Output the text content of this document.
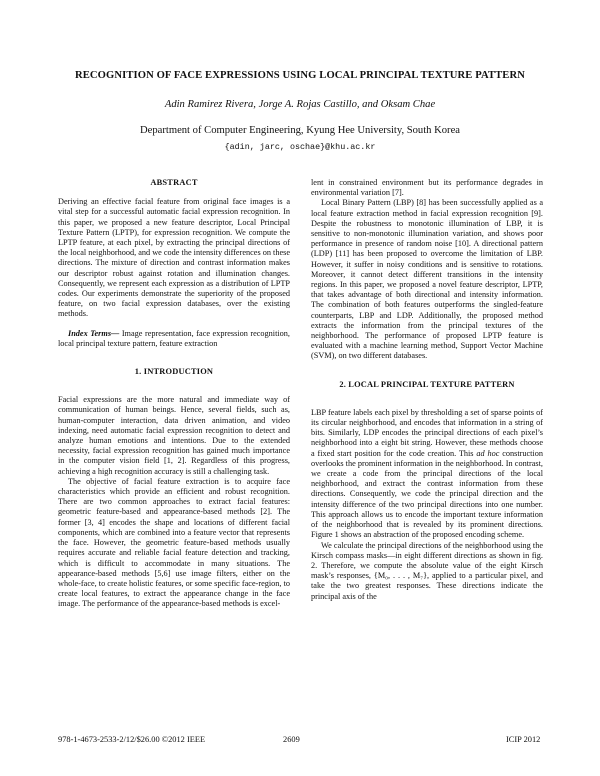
RECOGNITION OF FACE EXPRESSIONS USING LOCAL PRINCIPAL TEXTURE PATTERN
Adin Ramirez Rivera, Jorge A. Rojas Castillo, and Oksam Chae
Department of Computer Engineering, Kyung Hee University, South Korea
{adin, jarc, oschae}@khu.ac.kr

ABSTRACT

Deriving an effective facial feature from original face images is a vital step for a successful automatic facial expression recognition. In this paper, we proposed a new feature descriptor, Local Principal Texture Pattern (LPTP), for expression recognition. We compute the LPTP feature, at each pixel, by extracting the principal directions of the local neighborhood, and we code the intensity differences on these directions. The mixture of direction and contrast information makes our descriptor robust against rotation and illumination changes. Consequently, we represent each expression as a distribution of LPTP codes. Our experiments demonstrate the superiority of the proposed feature, on two facial expression databases, over the existing methods.

Index Terms— Image representation, face expression recognition, local principal texture pattern, feature extraction

1. INTRODUCTION

Facial expressions are the more natural and immediate way of communication of human beings. Hence, several fields, such as, human-computer interaction, data driven animation, and video indexing, need automatic facial expression recognition to detect and analyze human emotions and intentions. Due to the extended necessity, facial expression recognition has gained much importance in the computer vision field [1, 2]. Regardless of this progress, achieving a high recognition accuracy is still a challenging task.

The objective of facial feature extraction is to acquire face characteristics which provide an efficient and robust recognition. There are two common approaches to extract facial features: geometric feature-based and appearance-based methods [2]. The former [3, 4] encodes the shape and locations of different facial components, which are combined into a feature vector that represents the face. However, the geometric feature-based methods usually requires accurate and reliable facial feature detection and tracking, which is difficult to accommodate in many situations. The appearance-based methods [5,6] use image filters, either on the whole-face, to create holistic features, or some specific face-region, to create local features, to extract the appearance change in the face image. The performance of the appearance-based methods is excel-

lent in constrained environment but its performance degrades in environmental variation [7].

Local Binary Pattern (LBP) [8] has been successfully applied as a local feature extraction method in facial expression recognition [9]. Despite the robustness to monotonic illumination of LBP, it is sensitive to non-monotonic illumination variation, and shows poor performance in presence of random noise [10]. A directional pattern (LDP) [11] has been proposed to overcome the limitation of LBP. However, it suffer in noisy conditions and is sensitive to rotations. Moreover, it cannot detect different transitions in the intensity regions. In this paper, we proposed a novel feature descriptor, LPTP, that takes advantage of both directional and intensity information. The combination of both features outperforms the singled-feature counterparts, LBP and LDP. Additionally, the proposed method extracts the information from the principal textures of the neighborhood. The performance of proposed LPTP feature is evaluated with a machine learning method, Support Vector Machine (SVM), on two different databases.

2. LOCAL PRINCIPAL TEXTURE PATTERN

LBP feature labels each pixel by thresholding a set of sparse points of its circular neighborhood, and encodes that information in a string of bits. Similarly, LDP encodes the principal directions of each pixel’s neighborhood into a eight bit string. However, these methods choose a fixed start position for the code creation. This ad hoc construction overlooks the prominent information in the neighborhood. In contrast, we create a code from the principal directions of the local neighborhood, and extract the contrast information from these directions. Consequently, we code the principal direction and the intensity difference of the two principal directions into one number. This approach allows us to encode the important texture information of the neighborhood that is revealed by its prominent directions. Figure 1 shows an abstraction of the proposed encoding scheme.

We calculate the principal directions of the neighborhood using the Kirsch compass masks—in eight different directions as shown in fig. 2. Therefore, we compute the absolute value of the eight Kirsch mask’s responses, {M₀, . . . , M₇}, applied to a particular pixel, and take the two greatest responses. These directions indicate the principal axis of the

978-1-4673-2533-2/12/$26.00 ©2012 IEEE	2609	ICIP 2012
